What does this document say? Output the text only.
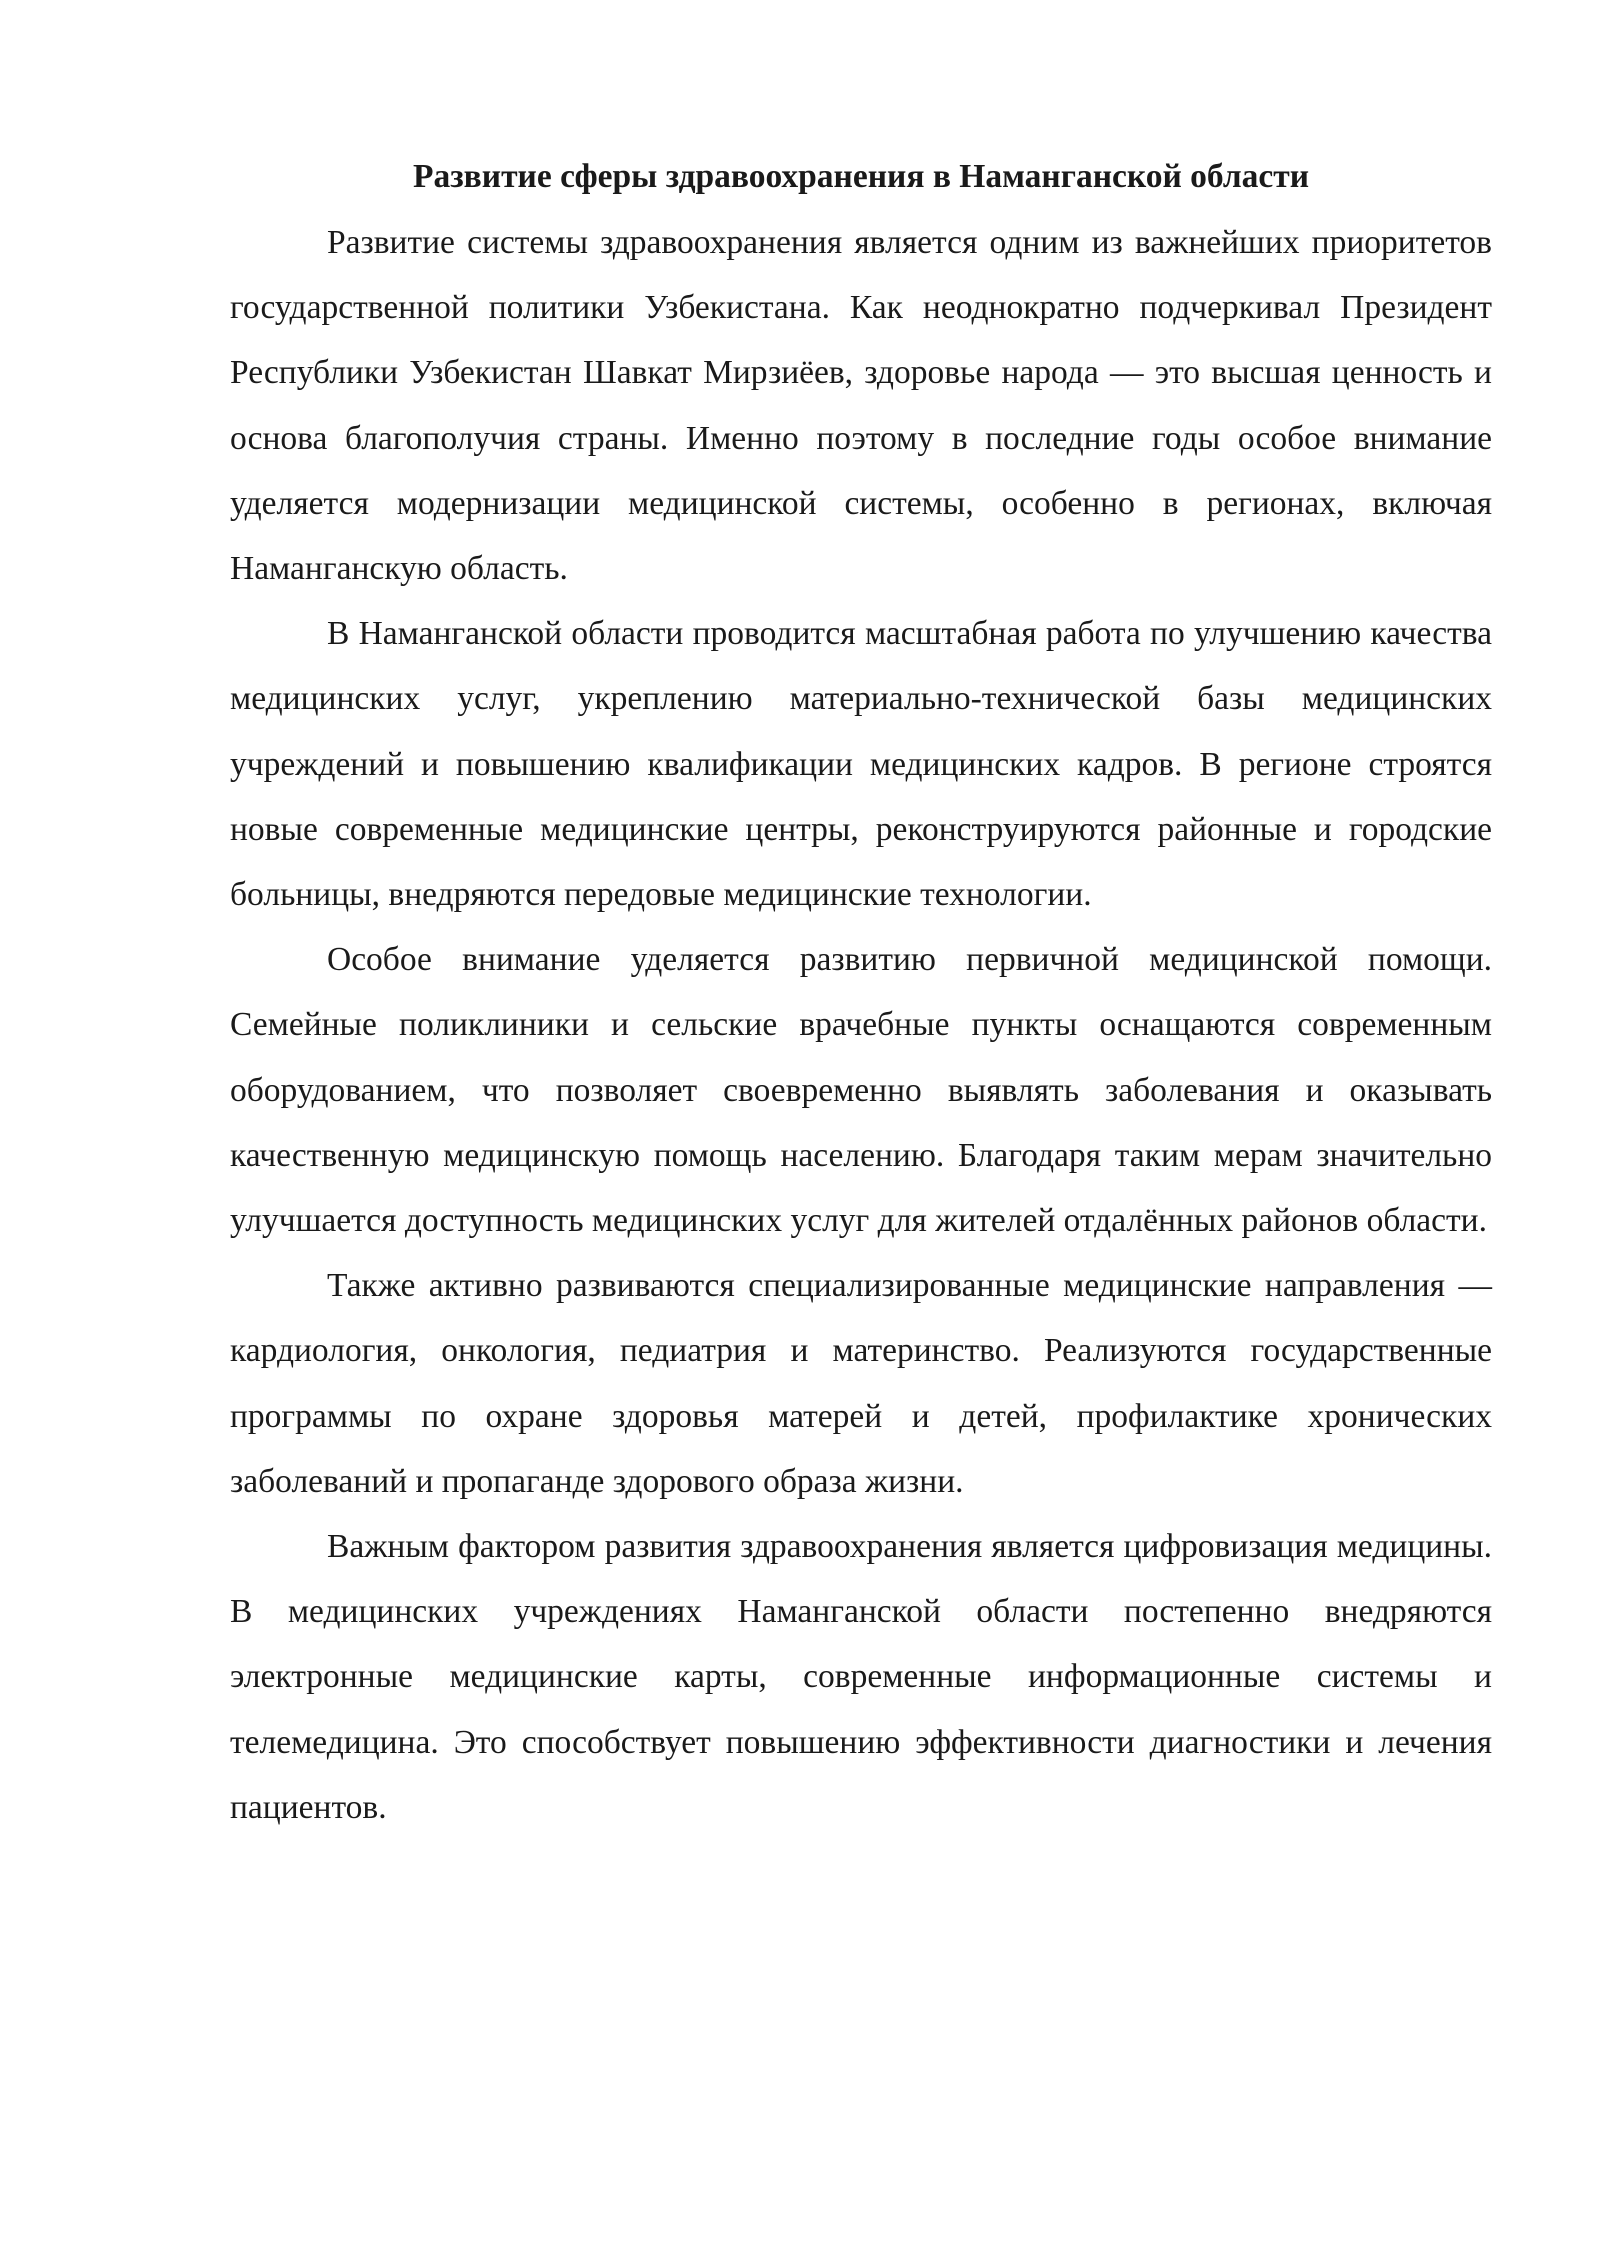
Развитие сферы здравоохранения в Наманганской области

Развитие системы здравоохранения является одним из важнейших приоритетов государственной политики Узбекистана. Как неоднократно подчеркивал Президент Республики Узбекистан Шавкат Мирзиёев, здоровье народа — это высшая ценность и основа благополучия страны. Именно поэтому в последние годы особое внимание уделяется модернизации медицинской системы, особенно в регионах, включая Наманганскую область.

В Наманганской области проводится масштабная работа по улучшению качества медицинских услуг, укреплению материально-технической базы медицинских учреждений и повышению квалификации медицинских кадров. В регионе строятся новые современные медицинские центры, реконструируются районные и городские больницы, внедряются передовые медицинские технологии.

Особое внимание уделяется развитию первичной медицинской помощи. Семейные поликлиники и сельские врачебные пункты оснащаются современным оборудованием, что позволяет своевременно выявлять заболевания и оказывать качественную медицинскую помощь населению. Благодаря таким мерам значительно улучшается доступность медицинских услуг для жителей отдалённых районов области.

Также активно развиваются специализированные медицинские направления — кардиология, онкология, педиатрия и материнство. Реализуются государственные программы по охране здоровья матерей и детей, профилактике хронических заболеваний и пропаганде здорового образа жизни.

Важным фактором развития здравоохранения является цифровизация медицины. В медицинских учреждениях Наманганской области постепенно внедряются электронные медицинские карты, современные информационные системы и телемедицина. Это способствует повышению эффективности диагностики и лечения пациентов.
